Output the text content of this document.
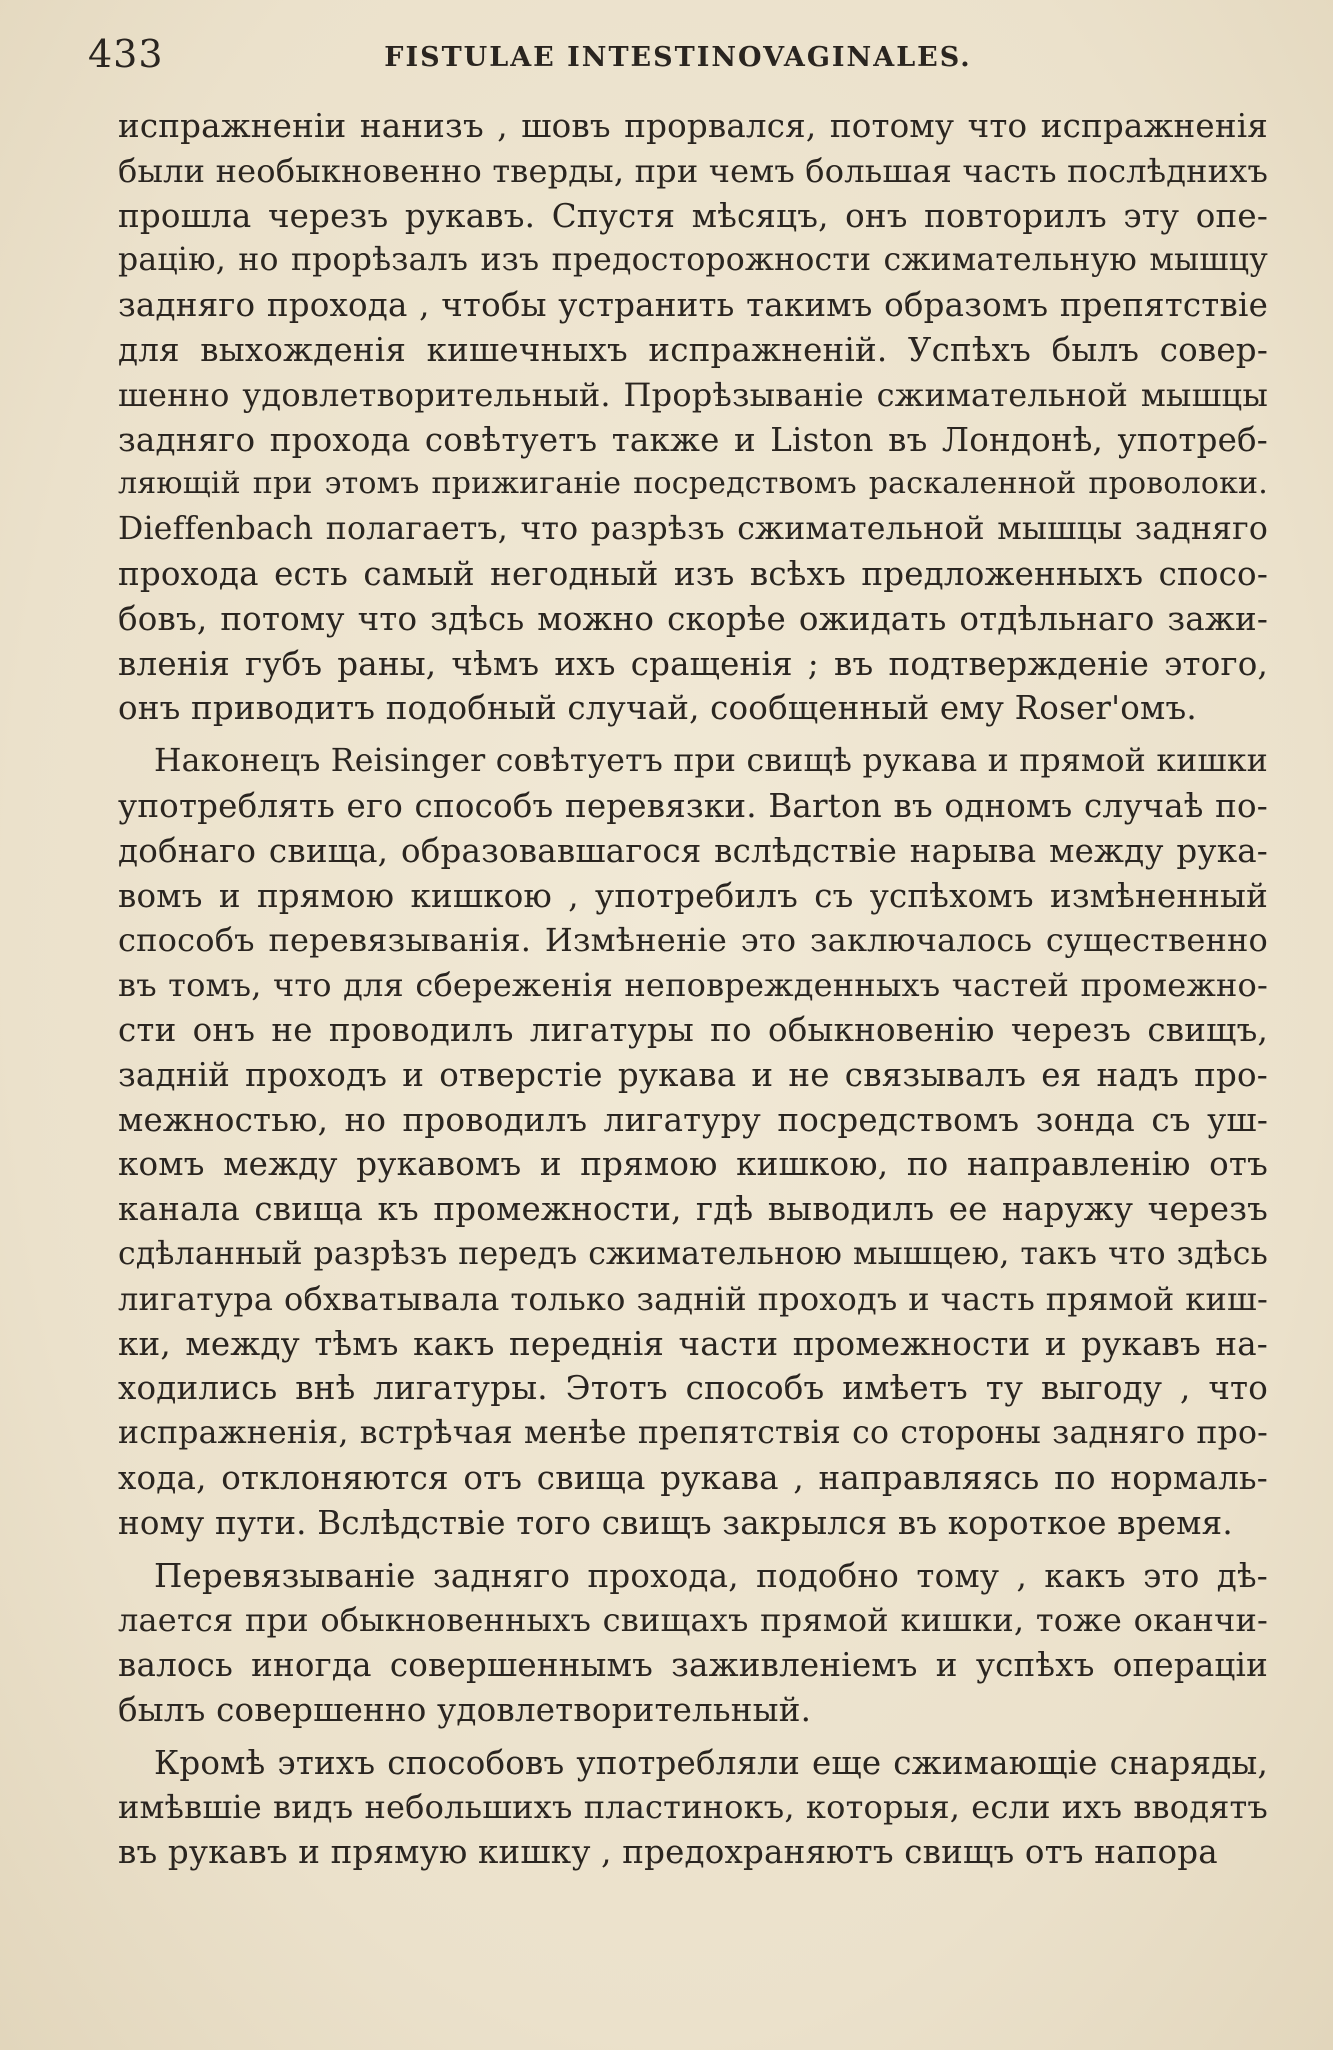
433	FISTULAE INTESTINOVAGINALES.
испражненіи нанизъ , шовъ прорвался, потому что испражненія
были необыкновенно тверды, при чемъ большая часть послѣднихъ
прошла черезъ рукавъ. Спустя мѣсяцъ, онъ повторилъ эту опе-
рацію, но прорѣзалъ изъ предосторожности сжимательную мышцу
задняго прохода , чтобы устранить такимъ образомъ препятствіе
для выхожденія кишечныхъ испражненій. Успѣхъ былъ совер-
шенно удовлетворительный. Прорѣзываніе сжимательной мышцы
задняго прохода совѣтуетъ также и Liston въ Лондонѣ, употреб-
ляющій при этомъ прижиганіе посредствомъ раскаленной проволоки.
Dieffenbach полагаетъ, что разрѣзъ сжимательной мышцы задняго
прохода есть самый негодный изъ всѣхъ предложенныхъ спосо-
бовъ, потому что здѣсь можно скорѣе ожидать отдѣльнаго зажи-
вленія губъ раны, чѣмъ ихъ сращенія ; въ подтвержденіе этого,
онъ приводитъ подобный случай, сообщенный ему Roser'омъ.
Наконецъ Reisinger совѣтуетъ при свищѣ рукава и прямой кишки
употреблять его способъ перевязки. Barton въ одномъ случаѣ по-
добнаго свища, образовавшагося вслѣдствіе нарыва между рука-
вомъ и прямою кишкою , употребилъ съ успѣхомъ измѣненный
способъ перевязыванія. Измѣненіе это заключалось существенно
въ томъ, что для сбереженія неповрежденныхъ частей промежно-
сти онъ не проводилъ лигатуры по обыкновенію черезъ свищъ,
задній проходъ и отверстіе рукава и не связывалъ ея надъ про-
межностью, но проводилъ лигатуру посредствомъ зонда съ уш-
комъ между рукавомъ и прямою кишкою, по направленію отъ
канала свища къ промежности, гдѣ выводилъ ее наружу черезъ
сдѣланный разрѣзъ передъ сжимательною мышцею, такъ что здѣсь
лигатура обхватывала только задній проходъ и часть прямой киш-
ки, между тѣмъ какъ переднія части промежности и рукавъ на-
ходились внѣ лигатуры. Этотъ способъ имѣетъ ту выгоду , что
испражненія, встрѣчая менѣе препятствія со стороны задняго про-
хода, отклоняются отъ свища рукава , направляясь по нормаль-
ному пути. Вслѣдствіе того свищъ закрылся въ короткое время.
Перевязываніе задняго прохода, подобно тому , какъ это дѣ-
лается при обыкновенныхъ свищахъ прямой кишки, тоже оканчи-
валось иногда совершеннымъ заживленіемъ и успѣхъ операціи
былъ совершенно удовлетворительный.
Кромѣ этихъ способовъ употребляли еще сжимающіе снаряды,
имѣвшіе видъ небольшихъ пластинокъ, которыя, если ихъ вводятъ
въ рукавъ и прямую кишку , предохраняютъ свищъ отъ напора
